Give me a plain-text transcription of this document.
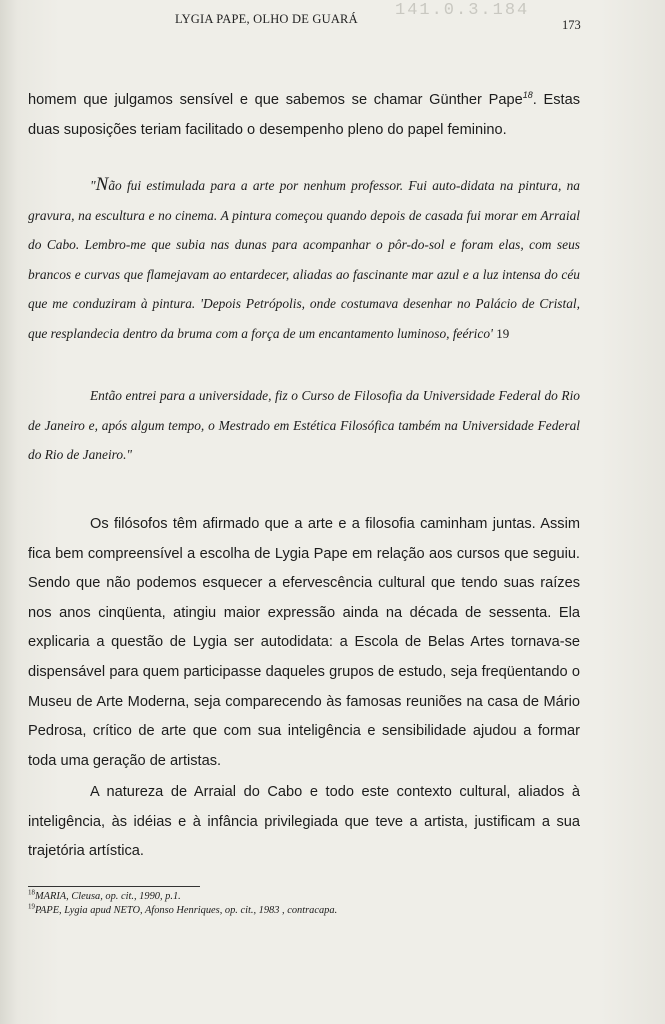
141.0.3.184
LYGIA PAPE, OLHO DE GUARÁ	173

homem que julgamos sensível e que sabemos se chamar Günther Pape$^{18}$. Estas duas suposições teriam facilitado o desempenho pleno do papel feminino.

"Não fui estimulada para a arte por nenhum professor. Fui auto-didata na pintura, na gravura, na escultura e no cinema. A pintura começou quando depois de casada fui morar em Arraial do Cabo. Lembro-me que subia nas dunas para acompanhar o pôr-do-sol e foram elas, com seus brancos e curvas que flamejavam ao entardecer, aliadas ao fascinante mar azul e a luz intensa do céu que me conduziram à pintura. 'Depois Petrópolis, onde costumava desenhar no Palácio de Cristal, que resplandecia dentro da bruma com a força de um encantamento luminoso, feérico' 19

Então entrei para a universidade, fiz o Curso de Filosofia da Universidade Federal do Rio de Janeiro e, após algum tempo, o Mestrado em Estética Filosófica também na Universidade Federal do Rio de Janeiro."

Os filósofos têm afirmado que a arte e a filosofia caminham juntas. Assim fica bem compreensível a escolha de Lygia Pape em relação aos cursos que seguiu. Sendo que não podemos esquecer a efervescência cultural que tendo suas raízes nos anos cinqüenta, atingiu maior expressão ainda na década de sessenta. Ela explicaria a questão de Lygia ser autodidata: a Escola de Belas Artes tornava-se dispensável para quem participasse daqueles grupos de estudo, seja freqüentando o Museu de Arte Moderna, seja comparecendo às famosas reuniões na casa de Mário Pedrosa, crítico de arte que com sua inteligência e sensibilidade ajudou a formar toda uma geração de artistas.

A natureza de Arraial do Cabo e todo este contexto cultural, aliados à inteligência, às idéias e à infância privilegiada que teve a artista, justificam a sua trajetória artística.

$^{18}$MARIA, Cleusa, op. cit., 1990, p.1.

$^{19}$PAPE, Lygia apud NETO, Afonso Henriques, op. cit., 1983 , contracapa.
